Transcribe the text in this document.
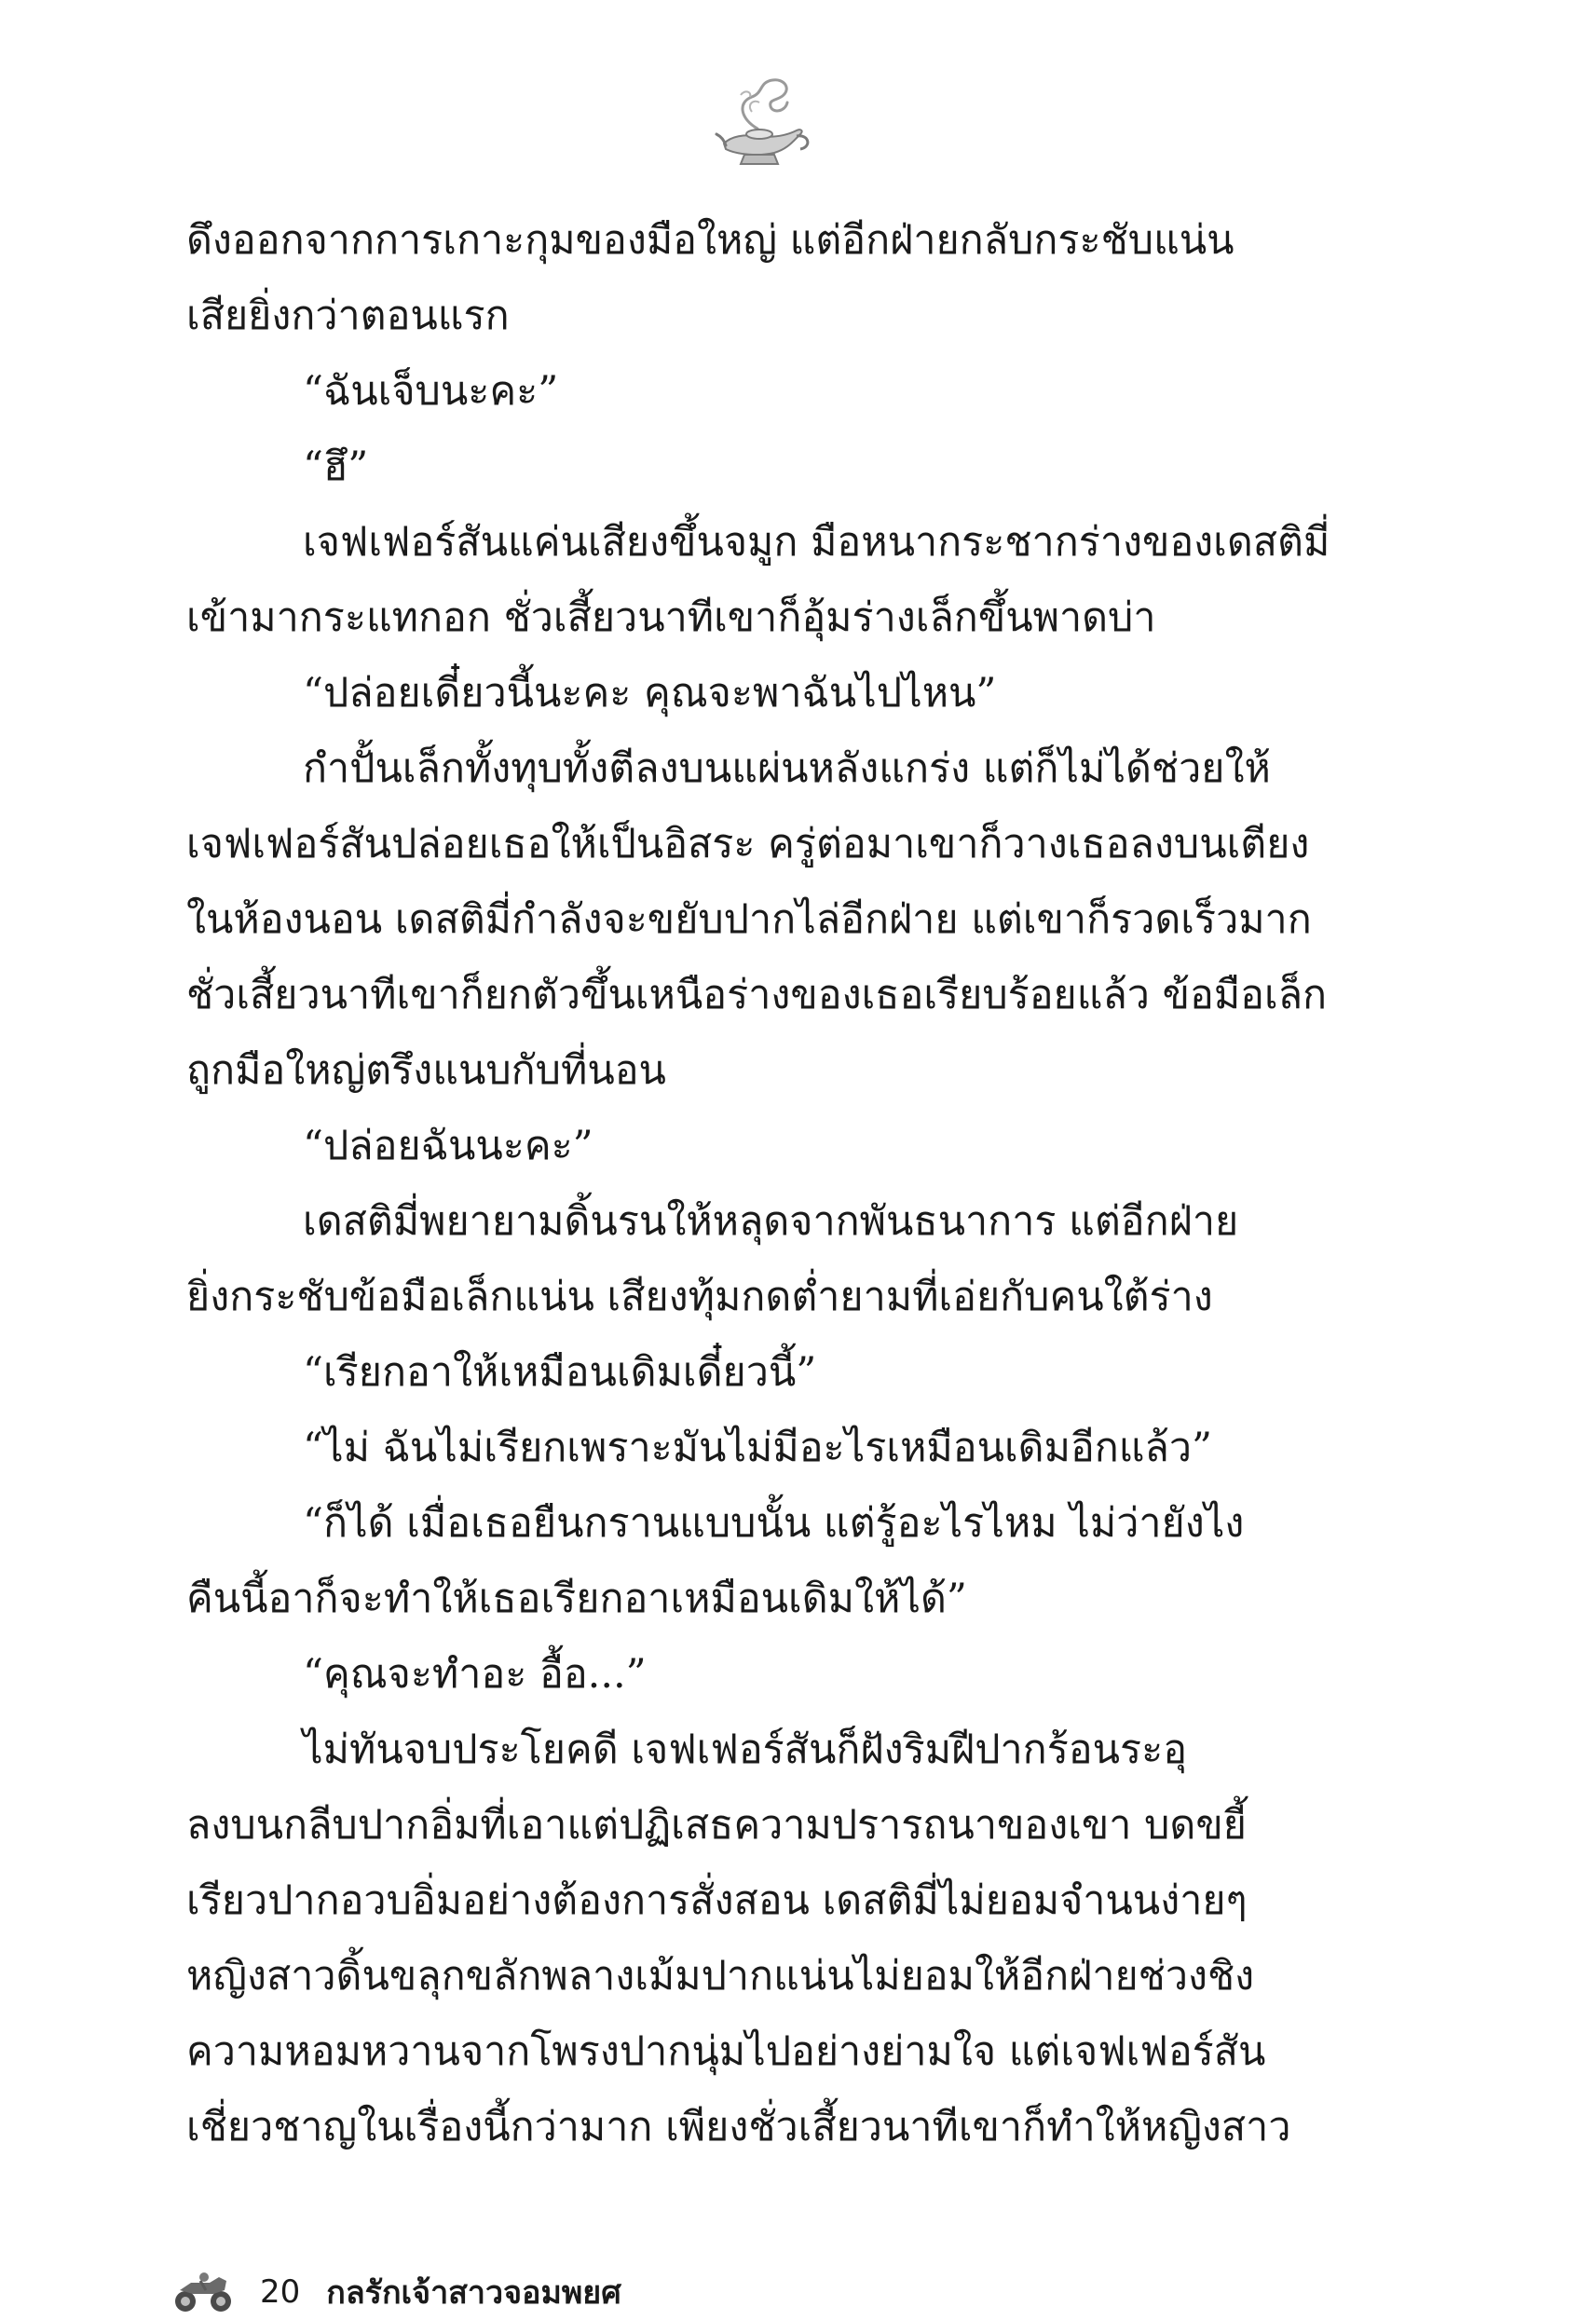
ดึงออกจากการเกาะกุมของมือใหญ่ แต่อีกฝ่ายกลับกระชับแน่น
เสียยิ่งกว่าตอนแรก
“ฉันเจ็บนะคะ”
“ฮึ”
เจฟเฟอร์สันแค่นเสียงขึ้นจมูก มือหนากระชากร่างของเดสติมี่
เข้ามากระแทกอก ชั่วเสี้ยวนาทีเขาก็อุ้มร่างเล็กขึ้นพาดบ่า
“ปล่อยเดี๋ยวนี้นะคะ คุณจะพาฉันไปไหน”
กำปั้นเล็กทั้งทุบทั้งตีลงบนแผ่นหลังแกร่ง แต่ก็ไม่ได้ช่วยให้
เจฟเฟอร์สันปล่อยเธอให้เป็นอิสระ ครู่ต่อมาเขาก็วางเธอลงบนเตียง
ในห้องนอน เดสติมี่กำลังจะขยับปากไล่อีกฝ่าย แต่เขาก็รวดเร็วมาก
ชั่วเสี้ยวนาทีเขาก็ยกตัวขึ้นเหนือร่างของเธอเรียบร้อยแล้ว ข้อมือเล็ก
ถูกมือใหญ่ตรึงแนบกับที่นอน
“ปล่อยฉันนะคะ”
เดสติมี่พยายามดิ้นรนให้หลุดจากพันธนาการ แต่อีกฝ่าย
ยิ่งกระชับข้อมือเล็กแน่น เสียงทุ้มกดต่ำยามที่เอ่ยกับคนใต้ร่าง
“เรียกอาให้เหมือนเดิมเดี๋ยวนี้”
“ไม่ ฉันไม่เรียกเพราะมันไม่มีอะไรเหมือนเดิมอีกแล้ว”
“ก็ได้ เมื่อเธอยืนกรานแบบนั้น แต่รู้อะไรไหม ไม่ว่ายังไง
คืนนี้อาก็จะทำให้เธอเรียกอาเหมือนเดิมให้ได้”
“คุณจะทำอะ อื้อ...”
ไม่ทันจบประโยคดี เจฟเฟอร์สันก็ฝังริมฝีปากร้อนระอุ
ลงบนกลีบปากอิ่มที่เอาแต่ปฏิเสธความปรารถนาของเขา บดขยี้
เรียวปากอวบอิ่มอย่างต้องการสั่งสอน เดสติมี่ไม่ยอมจำนนง่ายๆ
หญิงสาวดิ้นขลุกขลักพลางเม้มปากแน่นไม่ยอมให้อีกฝ่ายช่วงชิง
ความหอมหวานจากโพรงปากนุ่มไปอย่างย่ามใจ แต่เจฟเฟอร์สัน
เชี่ยวชาญในเรื่องนี้กว่ามาก เพียงชั่วเสี้ยวนาทีเขาก็ทำให้หญิงสาว
20 กลรักเจ้าสาวจอมพยศ
